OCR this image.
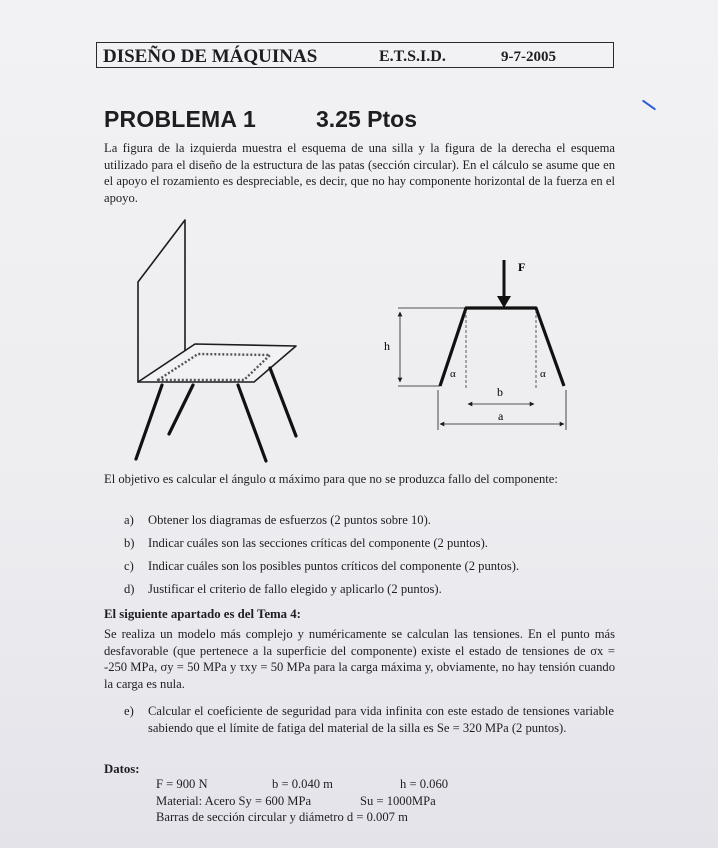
DISEÑO DE MÁQUINAS	E.T.S.I.D.	9-7-2005
PROBLEMA 1	3.25 Ptos
La figura de la izquierda muestra el esquema de una silla y la figura de la derecha el esquema utilizado para el diseño de la estructura de las patas (sección circular). En el cálculo se asume que en el apoyo el rozamiento es despreciable, es decir, que no hay componente horizontal de la fuerza en el apoyo.
F
h
α	α
b
a
El objetivo es calcular el ángulo α máximo para que no se produzca fallo del componente:
a)	Obtener los diagramas de esfuerzos (2 puntos sobre 10).
b)	Indicar cuáles son las secciones críticas del componente (2 puntos).
c)	Indicar cuáles son los posibles puntos críticos del componente (2 puntos).
d)	Justificar el criterio de fallo elegido y aplicarlo (2 puntos).
El siguiente apartado es del Tema 4:
Se realiza un modelo más complejo y numéricamente se calculan las tensiones. En el punto más desfavorable (que pertenece a la superficie del componente) existe el estado de tensiones de σx = -250 MPa, σy = 50 MPa y τxy = 50 MPa para la carga máxima y, obviamente, no hay tensión cuando la carga es nula.
e)	Calcular el coeficiente de seguridad para vida infinita con este estado de tensiones variable sabiendo que el límite de fatiga del material de la silla es Se = 320 MPa (2 puntos).
Datos:
F = 900 N	b = 0.040 m	h = 0.060
Material: Acero Sy = 600 MPa	Su = 1000MPa
Barras de sección circular y diámetro d = 0.007 m
